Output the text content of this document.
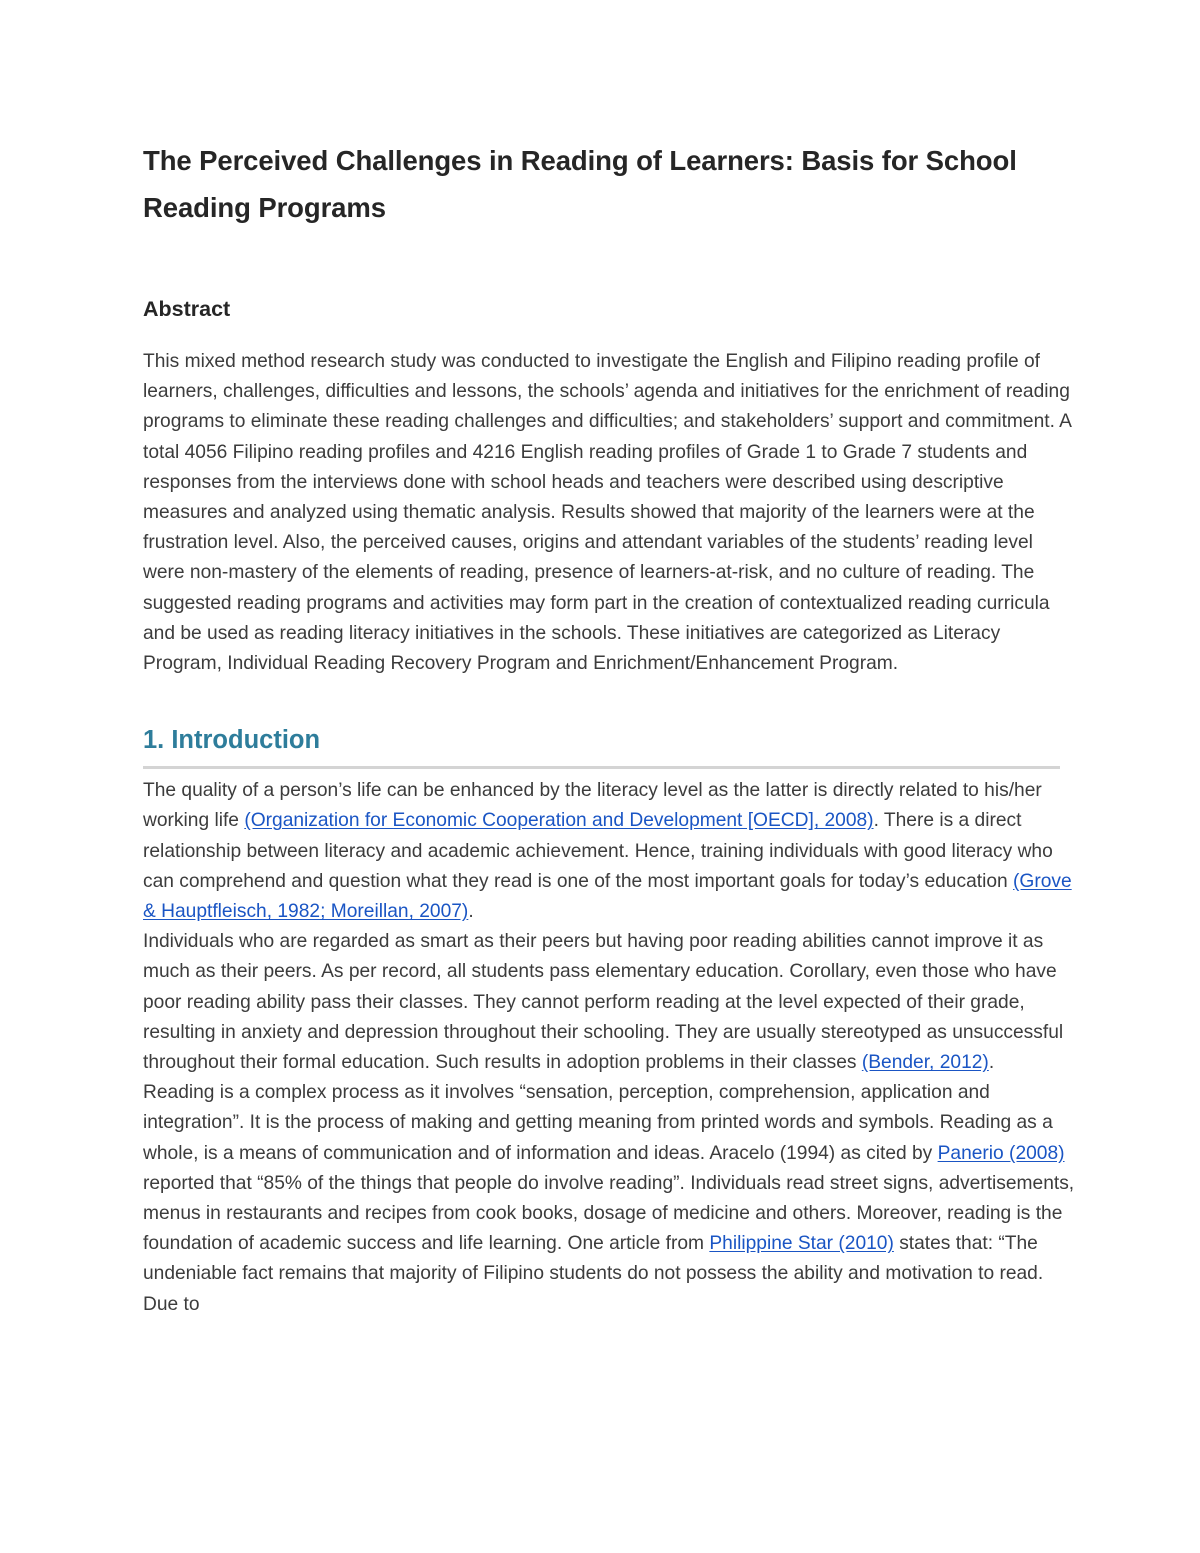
The Perceived Challenges in Reading of Learners: Basis for School Reading Programs
Abstract

This mixed method research study was conducted to investigate the English and Filipino reading profile of learners, challenges, difficulties and lessons, the schools’ agenda and initiatives for the enrichment of reading programs to eliminate these reading challenges and difficulties; and stakeholders’ support and commitment. A total 4056 Filipino reading profiles and 4216 English reading profiles of Grade 1 to Grade 7 students and responses from the interviews done with school heads and teachers were described using descriptive measures and analyzed using thematic analysis. Results showed that majority of the learners were at the frustration level. Also, the perceived causes, origins and attendant variables of the students’ reading level were non-mastery of the elements of reading, presence of learners-at-risk, and no culture of reading. The suggested reading programs and activities may form part in the creation of contextualized reading curricula and be used as reading literacy initiatives in the schools. These initiatives are categorized as Literacy Program, Individual Reading Recovery Program and Enrichment/Enhancement Program.

1. Introduction

The quality of a person’s life can be enhanced by the literacy level as the latter is directly related to his/her working life (Organization for Economic Cooperation and Development [OECD], 2008). There is a direct relationship between literacy and academic achievement. Hence, training individuals with good literacy who can comprehend and question what they read is one of the most important goals for today’s education (Grove & Hauptfleisch, 1982; Moreillan, 2007).

Individuals who are regarded as smart as their peers but having poor reading abilities cannot improve it as much as their peers. As per record, all students pass elementary education. Corollary, even those who have poor reading ability pass their classes. They cannot perform reading at the level expected of their grade, resulting in anxiety and depression throughout their schooling. They are usually stereotyped as unsuccessful throughout their formal education. Such results in adoption problems in their classes (Bender, 2012).

Reading is a complex process as it involves “sensation, perception, comprehension, application and integration”. It is the process of making and getting meaning from printed words and symbols. Reading as a whole, is a means of communication and of information and ideas. Aracelo (1994) as cited by Panerio (2008) reported that “85% of the things that people do involve reading”. Individuals read street signs, advertisements, menus in restaurants and recipes from cook books, dosage of medicine and others. Moreover, reading is the foundation of academic success and life learning. One article from Philippine Star (2010) states that: “The undeniable fact remains that majority of Filipino students do not possess the ability and motivation to read. Due to
